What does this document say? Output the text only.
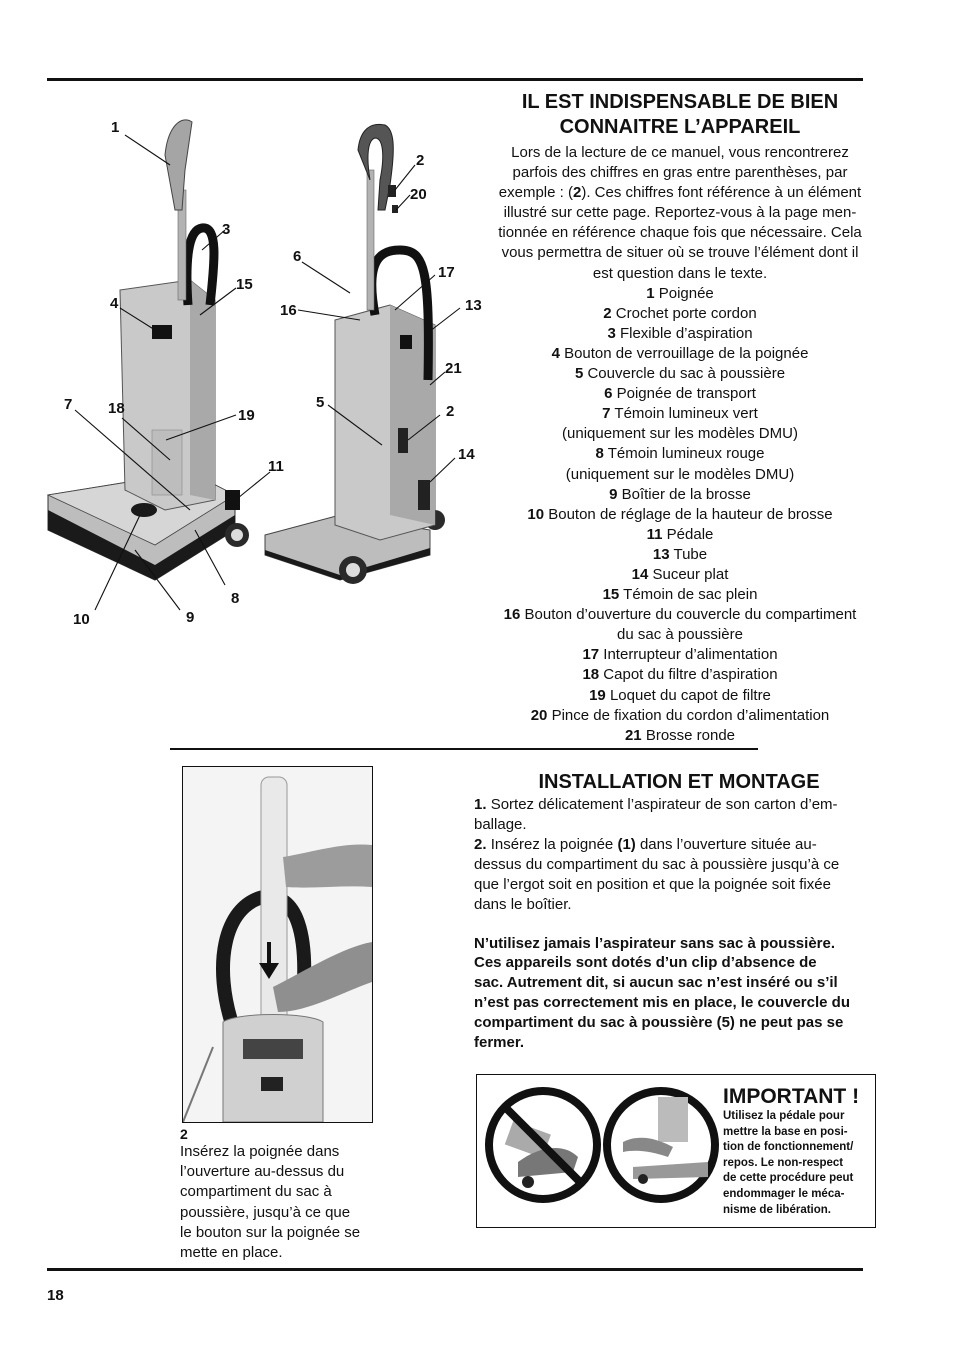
1
3
15
4
7 18	19
11
10	9
8
2
20
6
17
16	13
21
5
2
14
IL EST INDISPENSABLE DE BIEN
CONNAITRE L’APPAREIL
Lors de la lecture de ce manuel, vous rencontrerez
parfois des chiffres en gras entre parenthèses, par
exemple : (2). Ces chiffres font référence à un élément
illustré sur cette page. Reportez-vous à la page men-
tionnée en référence chaque fois que nécessaire. Cela
vous permettra de situer où se trouve l’élément dont il
est question dans le texte.
1 Poignée
2 Crochet porte cordon
3 Flexible d’aspiration
4 Bouton de verrouillage de la poignée
5 Couvercle du sac à poussière
6 Poignée de transport
7 Témoin lumineux vert
(uniquement sur les modèles DMU)
8 Témoin lumineux rouge
(uniquement sur le modèles DMU)
9 Boîtier de la brosse
10 Bouton de réglage de la hauteur de brosse
11 Pédale
13 Tube
14 Suceur plat
15 Témoin de sac plein
16 Bouton d’ouverture du couvercle du compartiment
du sac à poussière
17 Interrupteur d’alimentation
18 Capot du filtre d’aspiration
19 Loquet du capot de filtre
20 Pince de fixation du cordon d’alimentation
21 Brosse ronde
2
Insérez la poignée dans
l’ouverture au-dessus du
compartiment du sac à
poussière, jusqu’à ce que
le bouton sur la poignée se
mette en place.
INSTALLATION ET MONTAGE
1. Sortez délicatement l’aspirateur de son carton d’em-
ballage.
2. Insérez la poignée (1) dans l’ouverture située au-
dessus du compartiment du sac à poussière jusqu’à ce
que l’ergot soit en position et que la poignée soit fixée
dans le boîtier.
N’utilisez jamais l’aspirateur sans sac à poussière.
Ces appareils sont dotés d’un clip d’absence de
sac. Autrement dit, si aucun sac n’est inséré ou s’il
n’est pas correctement mis en place, le couvercle du
compartiment du sac à poussière (5) ne peut pas se
fermer.
IMPORTANT !
Utilisez la pédale pour
mettre la base en posi-
tion de fonctionnement/
repos. Le non-respect
de cette procédure peut
endommager le méca-
nisme de libération.
18
